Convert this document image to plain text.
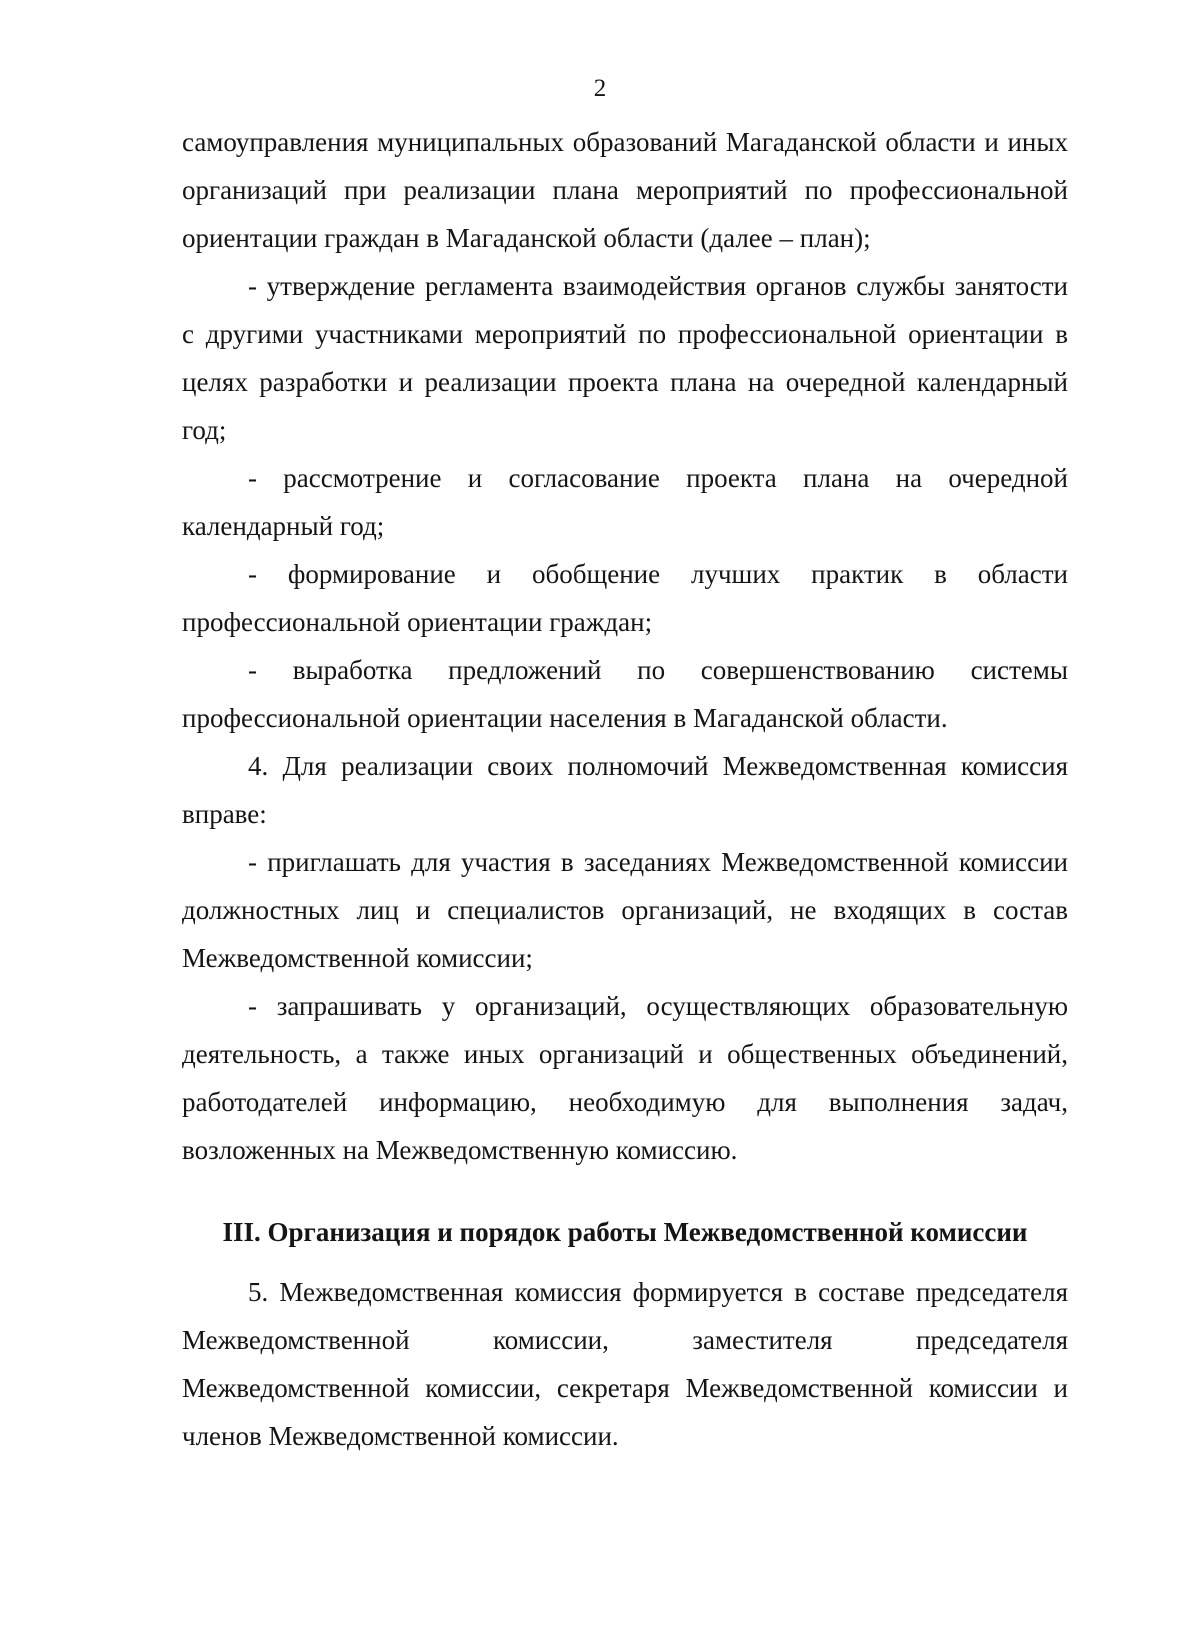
2

самоуправления муниципальных образований Магаданской области и иных организаций при реализации плана мероприятий по профессиональной ориентации граждан в Магаданской области (далее – план);

- утверждение регламента взаимодействия органов службы занятости

с другими участниками мероприятий по профессиональной ориентации в целях разработки и реализации проекта плана на очередной календарный год;

- рассмотрение и согласование проекта плана на очередной календарный год;

- формирование и обобщение лучших практик в области профессиональной ориентации граждан;

- выработка предложений по совершенствованию системы профессиональной ориентации населения в Магаданской области.

4. Для реализации своих полномочий Межведомственная комиссия вправе:

- приглашать для участия в заседаниях Межведомственной комиссии должностных лиц и специалистов организаций, не входящих в состав Межведомственной комиссии;

- запрашивать у организаций, осуществляющих образовательную деятельность, а также иных организаций и общественных объединений, работодателей информацию, необходимую для выполнения задач, возложенных на Межведомственную комиссию.

III. Организация и порядок работы Межведомственной комиссии

5. Межведомственная комиссия формируется в составе председателя Межведомственной комиссии, заместителя председателя Межведомственной комиссии, секретаря Межведомственной комиссии и членов Межведомственной комиссии.
